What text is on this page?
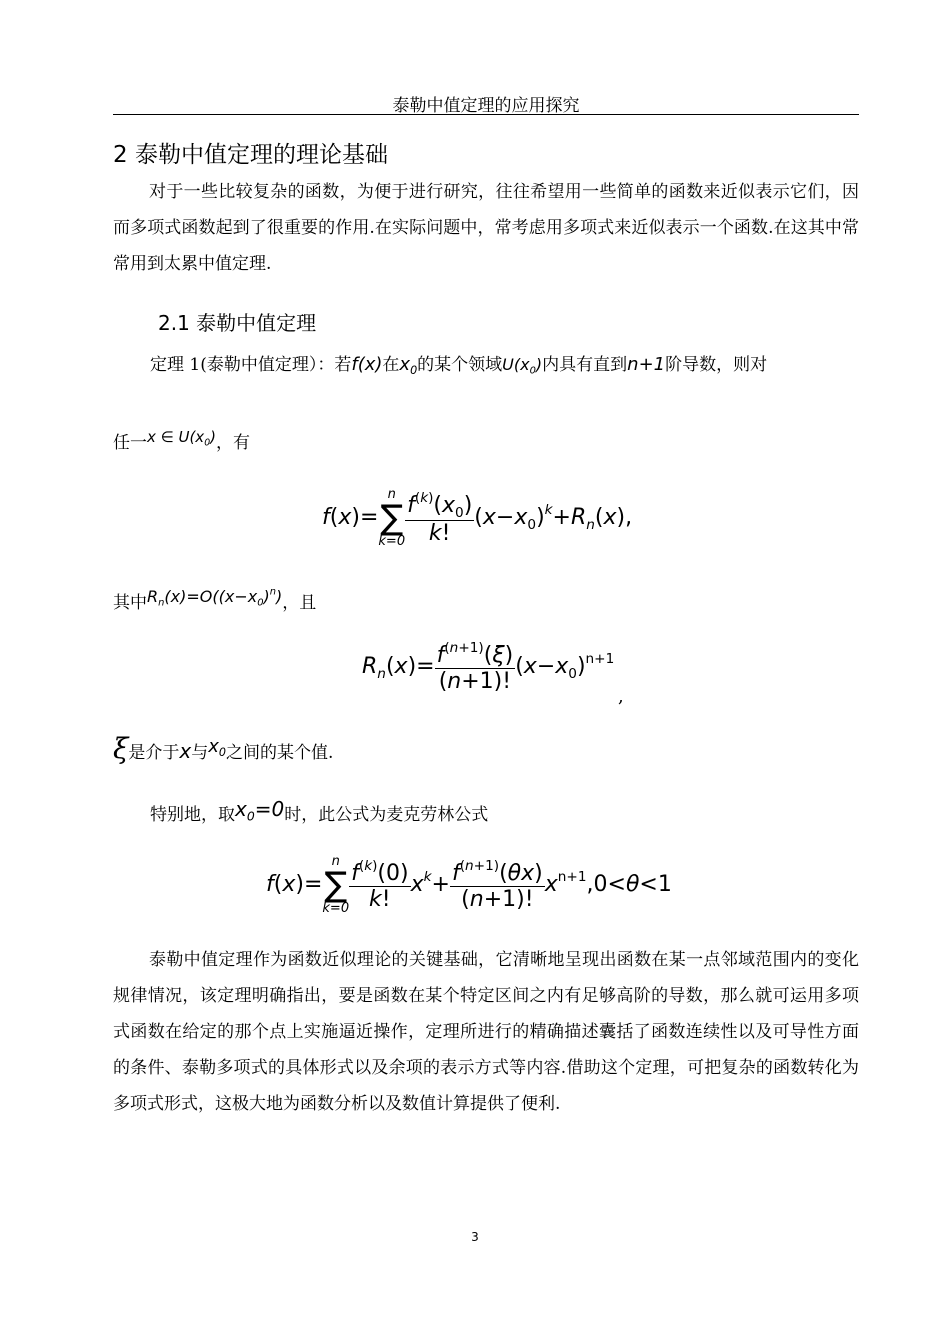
泰勒中值定理的应用探究
2 泰勒中值定理的理论基础
对于一些比较复杂的函数，为便于进行研究，往往希望用一些简单的函数来近似表示它们，因而多项式函数起到了很重要的作用.在实际问题中，常考虑用多项式来近似表示一个函数.在这其中常常用到太累中值定理.
2.1 泰勒中值定理
定理 1(泰勒中值定理）：若f(x)在$x_0$的某个领域$U(x_0)$内具有直到n+1阶导数，则对
任一x ∈ $U(x_0)$，有
f(x)=
n
∑
$k=0 \frac{f^{(k)}(x_0)}{k!} (x-x_0)^k+R_n(x)$,
其中$R_n(x)=O((x-x_0)^n)$，且
$R_n(x)= \frac{f^{(n+1)}(\xi)}{(n+1)!} (x-x_0)^{n+1}$
,
ξ是介于x与$x_0$之间的某个值.
特别地，取$x_0=0$时，此公式为麦克劳林公式
f(x)=
n
∑
$k=0 \frac{f^{(k)}(0)}{k!} x^k+ \frac{f^{(n+1)}(\theta x)}{(n+1)!} x^{n+1},0<\theta<1$
泰勒中值定理作为函数近似理论的关键基础，它清晰地呈现出函数在某一点邻域范围内的变化规律情况，该定理明确指出，要是函数在某个特定区间之内有足够高阶的导数，那么就可运用多项式函数在给定的那个点上实施逼近操作，定理所进行的精确描述囊括了函数连续性以及可导性方面的条件、泰勒多项式的具体形式以及余项的表示方式等内容.借助这个定理，可把复杂的函数转化为多项式形式，这极大地为函数分析以及数值计算提供了便利.
3
